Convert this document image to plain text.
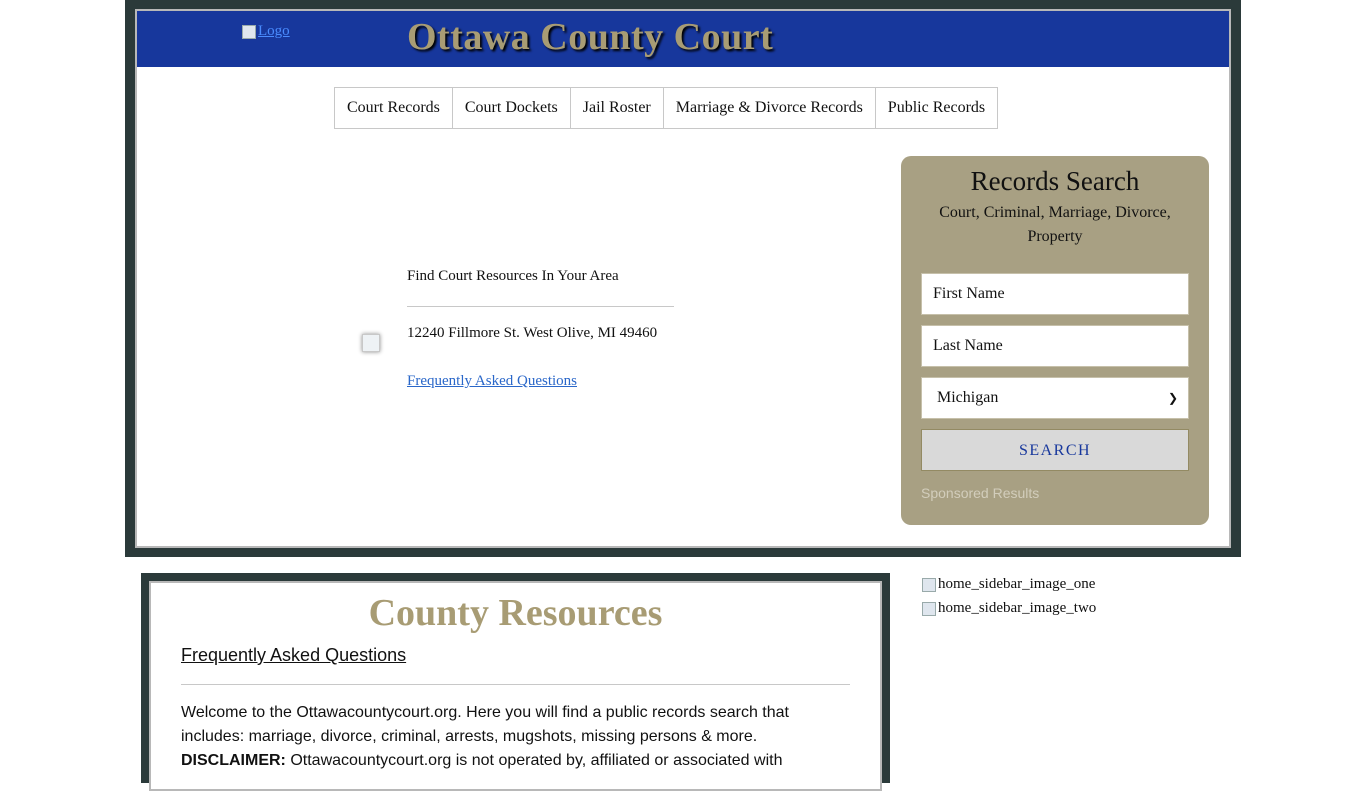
Logo	Ottawa County Court
Court Records	Court Dockets	Jail Roster	Marriage & Divorce Records	Public Records
Find Court Resources In Your Area
12240 Fillmore St. West Olive, MI 49460
Frequently Asked Questions
Records Search
Court, Criminal, Marriage, Divorce, Property
First Name
Last Name
Michigan	❯
SEARCH
Sponsored Results
County Resources
Frequently Asked Questions
Welcome to the Ottawacountycourt.org. Here you will find a public records search that
includes: marriage, divorce, criminal, arrests, mugshots, missing persons & more.
DISCLAIMER: Ottawacountycourt.org is not operated by, affiliated or associated with
home_sidebar_image_one
home_sidebar_image_two
